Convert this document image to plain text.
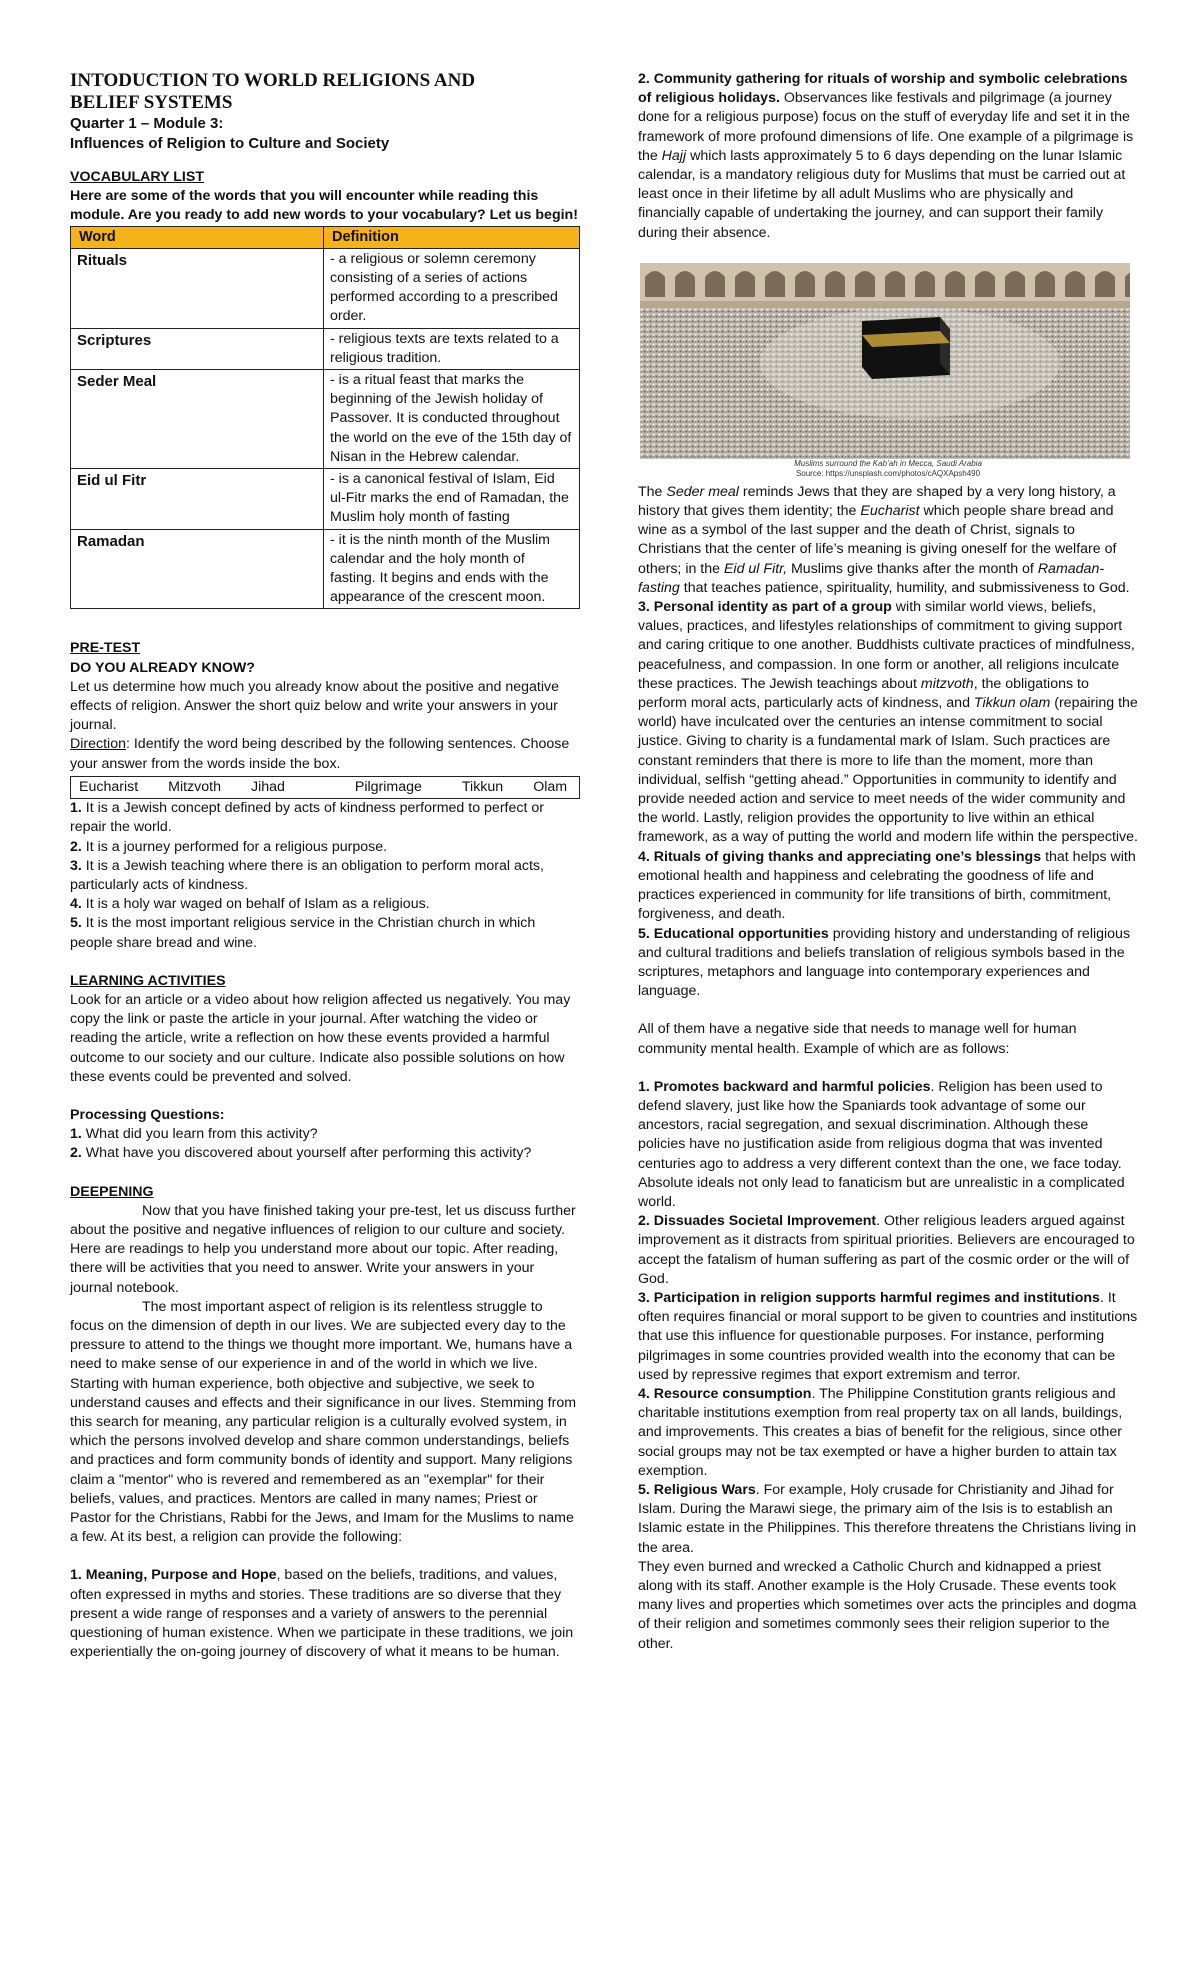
INTODUCTION TO WORLD RELIGIONS AND

BELIEF SYSTEMS

Quarter 1 – Module 3:

Influences of Religion to Culture and Society

VOCABULARY LIST

Here are some of the words that you will encounter while reading this module. Are you ready to add new words to your vocabulary? Let us begin!

Word	Definition
Rituals	- a religious or solemn ceremony consisting of a series of actions performed according to a prescribed order.
Scriptures	- religious texts are texts related to a religious tradition.
Seder Meal	- is a ritual feast that marks the beginning of the Jewish holiday of Passover. It is conducted throughout the world on the eve of the 15th day of Nisan in the Hebrew calendar.
Eid ul Fitr	- is a canonical festival of Islam, Eid ul-Fitr marks the end of Ramadan, the Muslim holy month of fasting
Ramadan	- it is the ninth month of the Muslim calendar and the holy month of fasting. It begins and ends with the appearance of the crescent moon.

PRE-TEST

DO YOU ALREADY KNOW?

Let us determine how much you already know about the positive and negative effects of religion. Answer the short quiz below and write your answers in your journal.

Direction: Identify the word being described by the following sentences. Choose your answer from the words inside the box.

Eucharist Mitzvoth Jihad	Pilgrimage	Tikkun Olam

1. It is a Jewish concept defined by acts of kindness performed to perfect or repair the world.

2. It is a journey performed for a religious purpose.

3. It is a Jewish teaching where there is an obligation to perform moral acts, particularly acts of kindness.

4. It is a holy war waged on behalf of Islam as a religious.

5. It is the most important religious service in the Christian church in which people share bread and wine.

LEARNING ACTIVITIES

Look for an article or a video about how religion affected us negatively. You may copy the link or paste the article in your journal. After watching the video or reading the article, write a reflection on how these events provided a harmful outcome to our society and our culture. Indicate also possible solutions on how these events could be prevented and solved.

Processing Questions:

1. What did you learn from this activity?

2. What have you discovered about yourself after performing this activity?

DEEPENING

Now that you have finished taking your pre-test, let us discuss further about the positive and negative influences of religion to our culture and society. Here are readings to help you understand more about our topic. After reading, there will be activities that you need to answer. Write your answers in your journal notebook.

The most important aspect of religion is its relentless struggle to focus on the dimension of depth in our lives. We are subjected every day to the pressure to attend to the things we thought more important. We, humans have a need to make sense of our experience in and of the world in which we live. Starting with human experience, both objective and subjective, we seek to understand causes and effects and their significance in our lives. Stemming from this search for meaning, any particular religion is a culturally evolved system, in which the persons involved develop and share common understandings, beliefs and practices and form community bonds of identity and support. Many religions claim a "mentor" who is revered and remembered as an "exemplar" for their beliefs, values, and practices. Mentors are called in many names; Priest or Pastor for the Christians, Rabbi for the Jews, and Imam for the Muslims to name a few. At its best, a religion can provide the following:

1. Meaning, Purpose and Hope, based on the beliefs, traditions, and values, often expressed in myths and stories. These traditions are so diverse that they present a wide range of responses and a variety of answers to the perennial questioning of human existence. When we participate in these traditions, we join experientially the on-going journey of discovery of what it means to be human.

2. Community gathering for rituals of worship and symbolic celebrations of religious holidays. Observances like festivals and pilgrimage (a journey done for a religious purpose) focus on the stuff of everyday life and set it in the framework of more profound dimensions of life. One example of a pilgrimage is the Hajj which lasts approximately 5 to 6 days depending on the lunar Islamic calendar, is a mandatory religious duty for Muslims that must be carried out at least once in their lifetime by all adult Muslims who are physically and financially capable of undertaking the journey, and can support their family during their absence.

Muslims surround the Kab’ah in Mecca, Saudi Arabia

Source: https://unsplash.com/photos/cAQXApsh490

The Seder meal reminds Jews that they are shaped by a very long history, a history that gives them identity; the Eucharist which people share bread and wine as a symbol of the last supper and the death of Christ, signals to Christians that the center of life’s meaning is giving oneself for the welfare of others; in the Eid ul Fitr, Muslims give thanks after the month of Ramadan-fasting that teaches patience, spirituality, humility, and submissiveness to God.

3. Personal identity as part of a group with similar world views, beliefs, values, practices, and lifestyles relationships of commitment to giving support and caring critique to one another. Buddhists cultivate practices of mindfulness, peacefulness, and compassion. In one form or another, all religions inculcate these practices. The Jewish teachings about mitzvoth, the obligations to perform moral acts, particularly acts of kindness, and Tikkun olam (repairing the world) have inculcated over the centuries an intense commitment to social justice. Giving to charity is a fundamental mark of Islam. Such practices are constant reminders that there is more to life than the moment, more than individual, selfish “getting ahead.” Opportunities in community to identify and provide needed action and service to meet needs of the wider community and the world. Lastly, religion provides the opportunity to live within an ethical framework, as a way of putting the world and modern life within the perspective.

4. Rituals of giving thanks and appreciating one’s blessings that helps with emotional health and happiness and celebrating the goodness of life and practices experienced in community for life transitions of birth, commitment, forgiveness, and death.

5. Educational opportunities providing history and understanding of religious and cultural traditions and beliefs translation of religious symbols based in the scriptures, metaphors and language into contemporary experiences and language.

All of them have a negative side that needs to manage well for human community mental health. Example of which are as follows:

1. Promotes backward and harmful policies. Religion has been used to defend slavery, just like how the Spaniards took advantage of some our ancestors, racial segregation, and sexual discrimination. Although these policies have no justification aside from religious dogma that was invented centuries ago to address a very different context than the one, we face today. Absolute ideals not only lead to fanaticism but are unrealistic in a complicated world.

2. Dissuades Societal Improvement. Other religious leaders argued against improvement as it distracts from spiritual priorities. Believers are encouraged to accept the fatalism of human suffering as part of the cosmic order or the will of God.

3. Participation in religion supports harmful regimes and institutions. It often requires financial or moral support to be given to countries and institutions that use this influence for questionable purposes. For instance, performing pilgrimages in some countries provided wealth into the economy that can be used by repressive regimes that export extremism and terror.

4. Resource consumption. The Philippine Constitution grants religious and charitable institutions exemption from real property tax on all lands, buildings, and improvements. This creates a bias of benefit for the religious, since other social groups may not be tax exempted or have a higher burden to attain tax exemption.

5. Religious Wars. For example, Holy crusade for Christianity and Jihad for Islam. During the Marawi siege, the primary aim of the Isis is to establish an Islamic estate in the Philippines. This therefore threatens the Christians living in the area.

They even burned and wrecked a Catholic Church and kidnapped a priest along with its staff. Another example is the Holy Crusade. These events took many lives and properties which sometimes over acts the principles and dogma of their religion and sometimes commonly sees their religion superior to the other.
